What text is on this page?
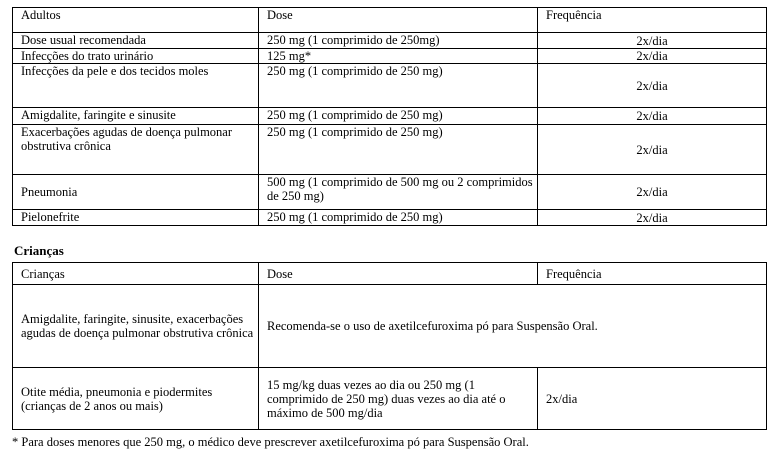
Adultos	Dose	Frequência
Dose usual recomendada	250 mg (1 comprimido de 250mg)	2x/dia
Infecções do trato urinário	125 mg*	2x/dia
Infecções da pele e dos tecidos moles	250 mg (1 comprimido de 250 mg)	2x/dia
Amigdalite, faringite e sinusite	250 mg (1 comprimido de 250 mg)	2x/dia
Exacerbações agudas de doença pulmonar obstrutiva crônica	250 mg (1 comprimido de 250 mg)	2x/dia
Pneumonia	500 mg (1 comprimido de 500 mg ou 2 comprimidos de 250 mg)	2x/dia
Pielonefrite	250 mg (1 comprimido de 250 mg)	2x/dia
Crianças
Crianças	Dose	Frequência
Amigdalite, faringite, sinusite, exacerbações agudas de doença pulmonar obstrutiva crônica	Recomenda-se o uso de axetilcefuroxima pó para Suspensão Oral.	
Otite média, pneumonia e piodermites (crianças de 2 anos ou mais)	15 mg/kg duas vezes ao dia ou 250 mg (1 comprimido de 250 mg) duas vezes ao dia até o máximo de 500 mg/dia	2x/dia
* Para doses menores que 250 mg, o médico deve prescrever axetilcefuroxima pó para Suspensão Oral.
